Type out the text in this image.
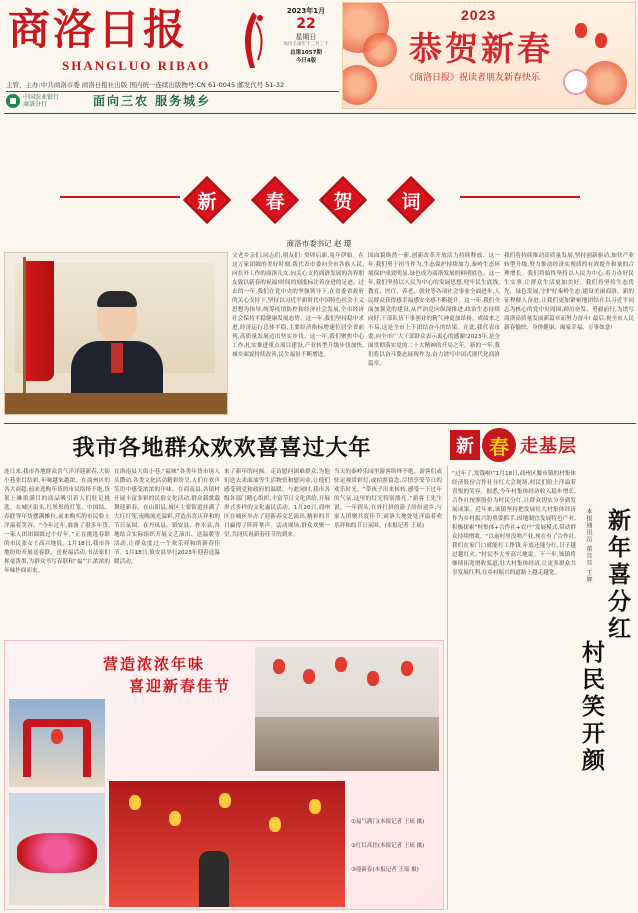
商洛日报
SHANGLUO RIBAO
主管、主办:中共商洛市委 商洛日报社出版 国内统一连续出版物号:CN 61-0045 邮发代号 51-32
中国农业银行
商洛分行	面向三农 服务城乡
2023年1月
22
星期日
农历壬寅年十二月三十
总第1057期
今日4版
2023
恭贺新春
《商洛日报》祝读者朋友新春快乐
新	春	贺	词
商洛市委书记 赵 璟
父老乡亲们,同志们,朋友们: 癸卯启新,兔年伊始。在这万家团圆的美好时刻,我代表市委向全市各族人民,向在外工作的商洛儿女,向关心支持商洛发展的各界朋友致以新春的祝福!时间的刻度标注着奋进的足迹。过去的一年,我们在党中央的坚强领导下,在省委省政府的关心支持下,坚持以习近平新时代中国特色社会主义思想为指导,统筹疫情防控和经济社会发展,全市经济社会保持平稳健康发展态势。这一年,我们坚持稳中求进,经济运行总体平稳,主要经济指标增速位居全省前列,高质量发展迈出坚实步伐。这一年,我们聚焦中心工作,扎实推进重点项目建设,产业转型升级步伐加快,城乡面貌持续改善,民生福祉不断增进。
国面貌焕然一新,创新改革开放活力持续释放。这一年,我们勇于担当作为,生态保护持续加力,秦岭生态环境保护成效明显,绿色成为商洛发展的鲜明底色。这一年,我们坚持以人民为中心的发展思想,兜牢民生底线,教育、医疗、养老、就业等各项社会事业全面进步,人民群众获得感幸福感安全感不断提升。这一年,我们全面加强党的建设,从严治党向纵深推进,政治生态持续向好,干部队伍干事创业的精气神更加昂扬。成绩来之不易,这是全市上下团结奋斗的结果。在此,我代表市委,向全市广大干部群众表示衷心的感谢!2023年,是全面贯彻落实党的二十大精神的开局之年。新的一年,我们将以奋斗姿态展现作为,奋力谱写中国式现代化商洛篇章。
我们将持续推动高质量发展,坚持创新驱动,加快产业转型升级,努力推动经济实现质的有效提升和量的合理增长。我们将始终坚持以人民为中心,着力办好民生实事,让群众生活更加美好。我们将坚持生态优先、绿色发展,守护好秦岭生态,建设美丽商洛。新的征程催人奋进,让我们更加紧密地团结在以习近平同志为核心的党中央周围,踔厉奋发、勇毅前行,为谱写商洛高质量发展新篇章而努力奋斗! 最后,祝全市人民新春愉快、身体健康、阖家幸福、万事如意!
我市各地群众欢欢喜喜过大年
连日来,我市各地群众喜气洋洋迎新春,大街小巷张灯结彩,年味越来越浓。在商州区的各大商超,前来选购年货的市民络绎不绝,货架上琳琅满目的商品吸引着人们驻足挑选。在城区街头,红彤彤的灯笼、中国结、春联等年货摆满摊位,前来购买的市民脸上洋溢着笑容。“今年过年,准备了很多年货,一家人团团圆圆过个好年。”正在挑选春联的市民张女士高兴地说。1月18日,我市各地纷纷开展送春联、送祝福活动,书法家们挥毫泼墨,为群众书写春联和“福”字,浓浓的年味扑面而来。
在洛南县大街小巷,“福城”各类年货市场人头攒动,各类文化活动精彩纷呈,人们在欢声笑语中感受浓浓的年味。在商南县,各镇村开展丰富多彩的民俗文化活动,群众载歌载舞迎新春。在山阳县,城区主要街道挂满了大红灯笼,夜晚流光溢彩,营造出喜庆祥和的节日氛围。在丹凤县、镇安县、柞水县,各地结合实际组织开展文艺演出、送温暖等活动,让群众度过一个欢乐祥和的新春佳节。1月18日,镇安县举行2023年迎春送温暖活动。
来了新年的问候。走访慰问困难群众,为他们送去米面油等生活物资和慰问金,让他们感受到党和政府的温暖。与此同时,我市各级各部门精心组织,丰富节日文化供给,开展形式多样的文化惠民活动。1月20日,商州区在城区举办了迎新春文艺演出,精彩的节目赢得了阵阵掌声。活动现场,群众欢聚一堂,共同庆祝新春佳节的到来。
当天的秦岭乐园里游客络绎不绝。游客们或驻足观赏彩灯,或拍照留念,尽情享受节日的欢乐时光。“带孩子出来转转,感受一下过年的气氛,这里的灯光特别漂亮。”游客王先生说。一年到头,在外打拼的游子纷纷返乡,与家人团聚共度佳节,商洛大地处处洋溢着欢乐祥和的节日氛围。(本报记者 王瑶)
新 春 走基层
“过年了,发钱啦!”1月18日,商州区腰市镇的村集体经济股份合作社分红大会现场,村民们脸上洋溢着喜悦的笑容。据悉,今年村集体经济收入稳步增长,合作社按照股份为村民分红,让群众切实分享到发展成果。近年来,该镇坚持把发展壮大村集体经济作为乡村振兴的重要抓手,因地制宜发展特色产业,积极探索“村集体+合作社+农户”发展模式,带动群众持续增收。“以前村里没啥产业,现在有了合作社,我们在家门口就能打工挣钱,年底还能分红,日子越过越红火。”村民李大爷高兴地说。下一步,该镇将继续拓宽增收渠道,壮大村集体经济,让更多群众共享发展红利,在乡村振兴的道路上越走越宽。	新年喜分红
村民笑开颜
本报通讯员 董旦旦 王辉
营造浓浓年味
喜迎新春佳节
①福气满门(本报记者 王瑶 摄)
②红灯高挂(本报记者 王瑶 摄)
③迎新春(本报记者 王瑶 摄)
